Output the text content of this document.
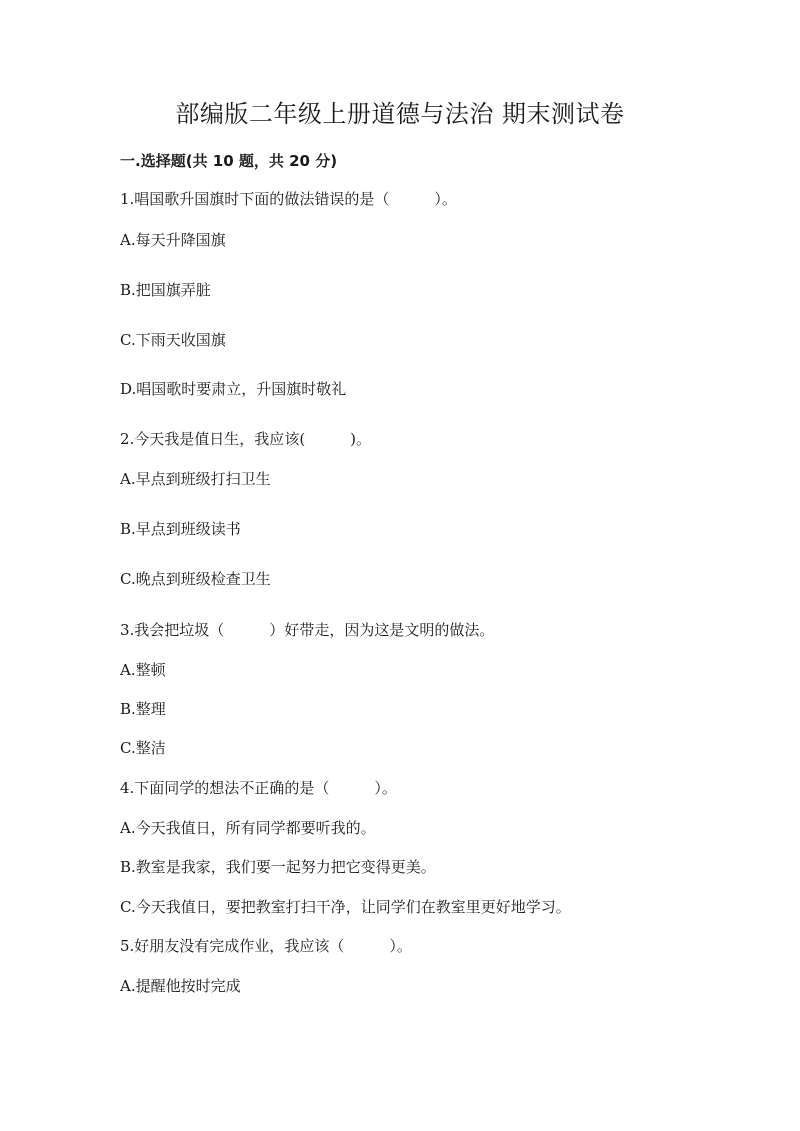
部编版二年级上册道德与法治 期末测试卷
一.选择题(共 10 题，共 20 分)
1.唱国歌升国旗时下面的做法错误的是（　　　）。
A.每天升降国旗
B.把国旗弄脏
C.下雨天收国旗
D.唱国歌时要肃立，升国旗时敬礼
2.今天我是值日生，我应该(　　　)。
A.早点到班级打扫卫生
B.早点到班级读书
C.晚点到班级检查卫生
3.我会把垃圾（　　　）好带走，因为这是文明的做法。
A.整顿
B.整理
C.整洁
4.下面同学的想法不正确的是（　　　）。
A.今天我值日，所有同学都要听我的。
B.教室是我家，我们要一起努力把它变得更美。
C.今天我值日，要把教室打扫干净，让同学们在教室里更好地学习。
5.好朋友没有完成作业，我应该（　　　）。
A.提醒他按时完成
